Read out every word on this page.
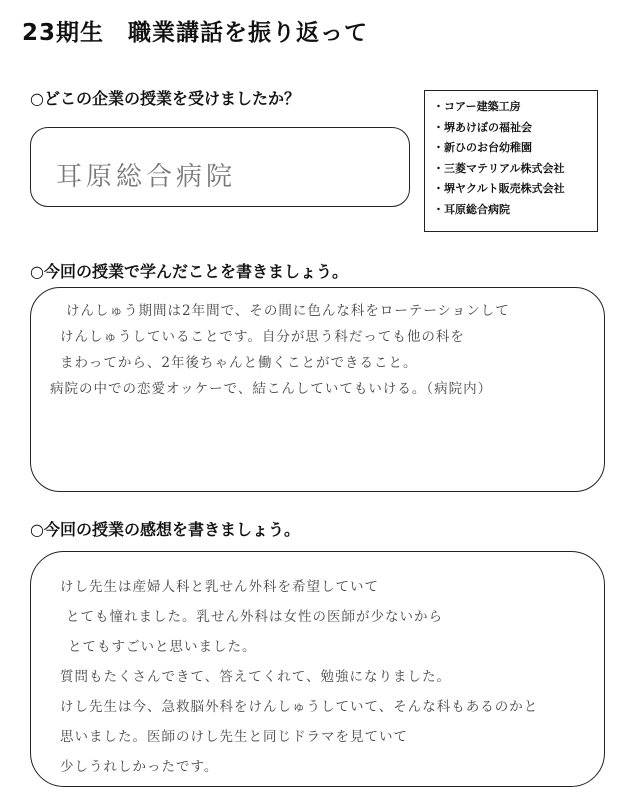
23期生　職業講話を振り返って
○どこの企業の授業を受けましたか？	・コアー建築工房
・堺あけぼの福祉会
・新ひのお台幼稚園
・三菱マテリアル株式会社
・堺ヤクルト販売株式会社
・耳原総合病院
耳原総合病院
○今回の授業で学んだことを書きましょう。
けんしゅう期間は2年間で、その間に色んな科をローテーションして
けんしゅうしていることです。自分が思う科だっても他の科を
まわってから、2年後ちゃんと働くことができること。
病院の中での恋愛オッケーで、結こんしていてもいける。（病院内）
○今回の授業の感想を書きましょう。
けし先生は産婦人科と乳せん外科を希望していて
とても憧れました。乳せん外科は女性の医師が少ないから
とてもすごいと思いました。
質問もたくさんできて、答えてくれて、勉強になりました。
けし先生は今、急救脳外科をけんしゅうしていて、そんな科もあるのかと
思いました。医師のけし先生と同じドラマを見ていて
少しうれしかったです。
